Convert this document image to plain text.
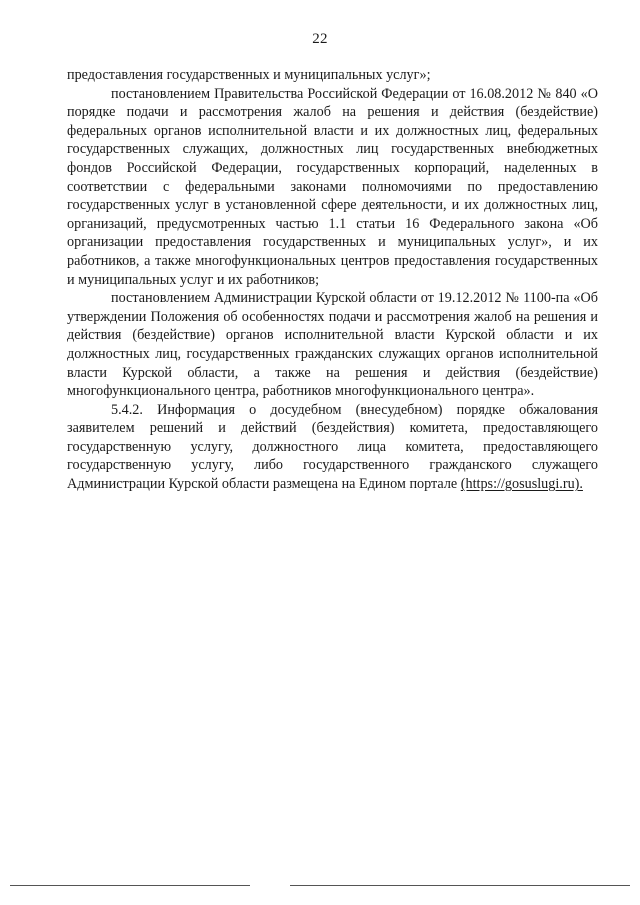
22

предоставления государственных и муниципальных услуг»;

постановлением Правительства Российской Федерации от 16.08.2012 № 840 «О порядке подачи и рассмотрения жалоб на решения и действия (бездействие) федеральных органов исполнительной власти и их должностных лиц, федеральных государственных служащих, должностных лиц государственных внебюджетных фондов Российской Федерации, государственных корпораций, наделенных в соответствии с федеральными законами полномочиями по предоставлению государственных услуг в установленной сфере деятельности, и их должностных лиц, организаций, предусмотренных частью 1.1 статьи 16 Федерального закона «Об организации предоставления государственных и муниципальных услуг», и их работников, а также многофункциональных центров предоставления государственных и муниципальных услуг и их работников;

постановлением Администрации Курской области от 19.12.2012 № 1100-па «Об утверждении Положения об особенностях подачи и рассмотрения жалоб на решения и действия (бездействие) органов исполнительной власти Курской области и их должностных лиц, государственных гражданских служащих органов исполнительной власти Курской области, а также на решения и действия (бездействие) многофункционального центра, работников многофункционального центра».

5.4.2. Информация о досудебном (внесудебном) порядке обжалования заявителем решений и действий (бездействия) комитета, предоставляющего государственную услугу, должностного лица комитета, предоставляющего государственную услугу, либо государственного гражданского служащего Администрации Курской области размещена на Едином портале (https://gosuslugi.ru).
